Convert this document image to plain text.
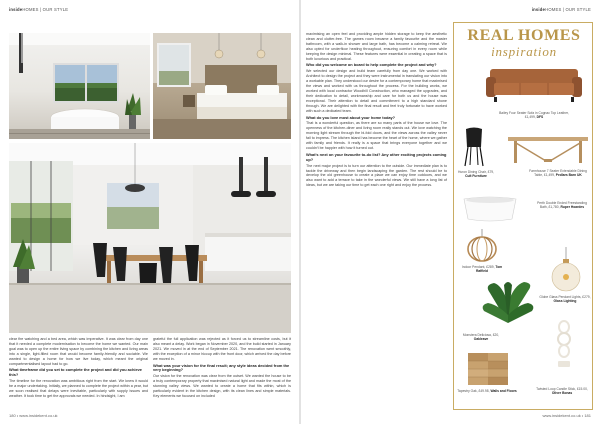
insideHOMES | OUR STYLE	insideHOMES | OUR STYLE

clear fire watching and a bed area, which was imperative. It was clear from day one that it needed a complete modernisation to become the home we wanted. Our main goal was to open up the entire living space by combining the kitchen and living areas into a single, light-filled room that would become family-friendly and sociable. We wanted to design a home for how we live today, which meant the original compartmentalised layout had to go.

What timeframe did you set to complete the project and did you achieve this?

The timeline for the renovation was ambitious right from the start. We knew it would be a major undertaking. Initially, we planned to complete the project within a year, but we soon realised that delays were inevitable, particularly with supply issues and weather. It took time to get the approvals we needed. In hindsight, I am

grateful the full application was rejected as it forced us to streamline costs, but it also meant a delay. Work began in November 2020, and the build started in January 2021. We moved in at the end of September 2021. The renovation went smoothly, with the exception of a minor hiccup with the front door, which arrived the day before we moved in.

What was your vision for the final result; any style ideas decided from the very beginning?

Our vision for the renovation was clear from the outset. We wanted the house to be a truly contemporary property that maximised natural light and made the most of the stunning valley views. We wanted to create a home that fits within, which is particularly evident in the kitchen design, with its clean lines and simple materials. Key elements we focused on included

maximising an open feel and providing ample hidden storage to keep the aesthetic clean and clutter-free. The games room became a family favourite and the master bathroom, with a walk-in shower and large bath, has become a calming retreat. We also opted for underfloor heating throughout, ensuring comfort in every room while keeping the design minimal. These features were essential in creating a space that is both luxurious and practical.

Who did you welcome on board to help complete the project and why?

We selected our design and build team carefully from day one. We worked with Architect to design the project and they were instrumental in translating our vision into a workable plan. They understood our desire for a contemporary home that maximised the views and worked with us throughout the process. For the building works, we worked with local contractor Woodhill Construction, who managed the upgrades, and their dedication to detail, workmanship and care for both us and the house was exceptional. Their attention to detail and commitment to a high standard shone through. We are delighted with the final result and feel truly fortunate to have worked with such a dedicated team.

What do you love most about your home today?

That is a wonderful question, as there are so many parts of the house we love. The openness of the kitchen-diner and living room really stands out. We love watching the morning light stream through the bi-fold doors, and the views across the valley never fail to impress. The kitchen island has become the heart of the home, where we gather with family and friends. It really is a space that brings everyone together and we couldn't be happier with how it turned out.

What's next on your favourite to-do list? Any other exciting projects coming up?

The next major project is to turn our attention to the outside. Our immediate plan is to tackle the driveway and then begin landscaping the garden. The rest should be to develop the old greenhouse to create a place we can enjoy time outdoors, and we also want to add a terrace to take in the wonderful views. We still have a long list of ideas, but we are taking our time to get each one right and enjoy the process.

REAL HOMES
inspiration
Bailey Four Seater Sofa in Cognac Top Leather, £1,499, DFS
Farmhouse 7 Seater Extendable Dining Table, £1,499, Pedlars Barn UK
Huron Dining Chair, £79, Cult Furniture
Perth Double Ended Freestanding Bath, £1,780, Ruper Hoardes
Indoor Pendant, £289, Tom Raffield
Globe Glass Pendant Lights, £279, Glass Lighting
Monstera Deliciosa, £20, Oakleave
Tapestry Oak, £49.98, Walls and Floors	Twisted Loop Candle Stick, £15.00, Oliver Bonas
180 • www.insidekent.co.uk	www.insidekent.co.uk • 181
